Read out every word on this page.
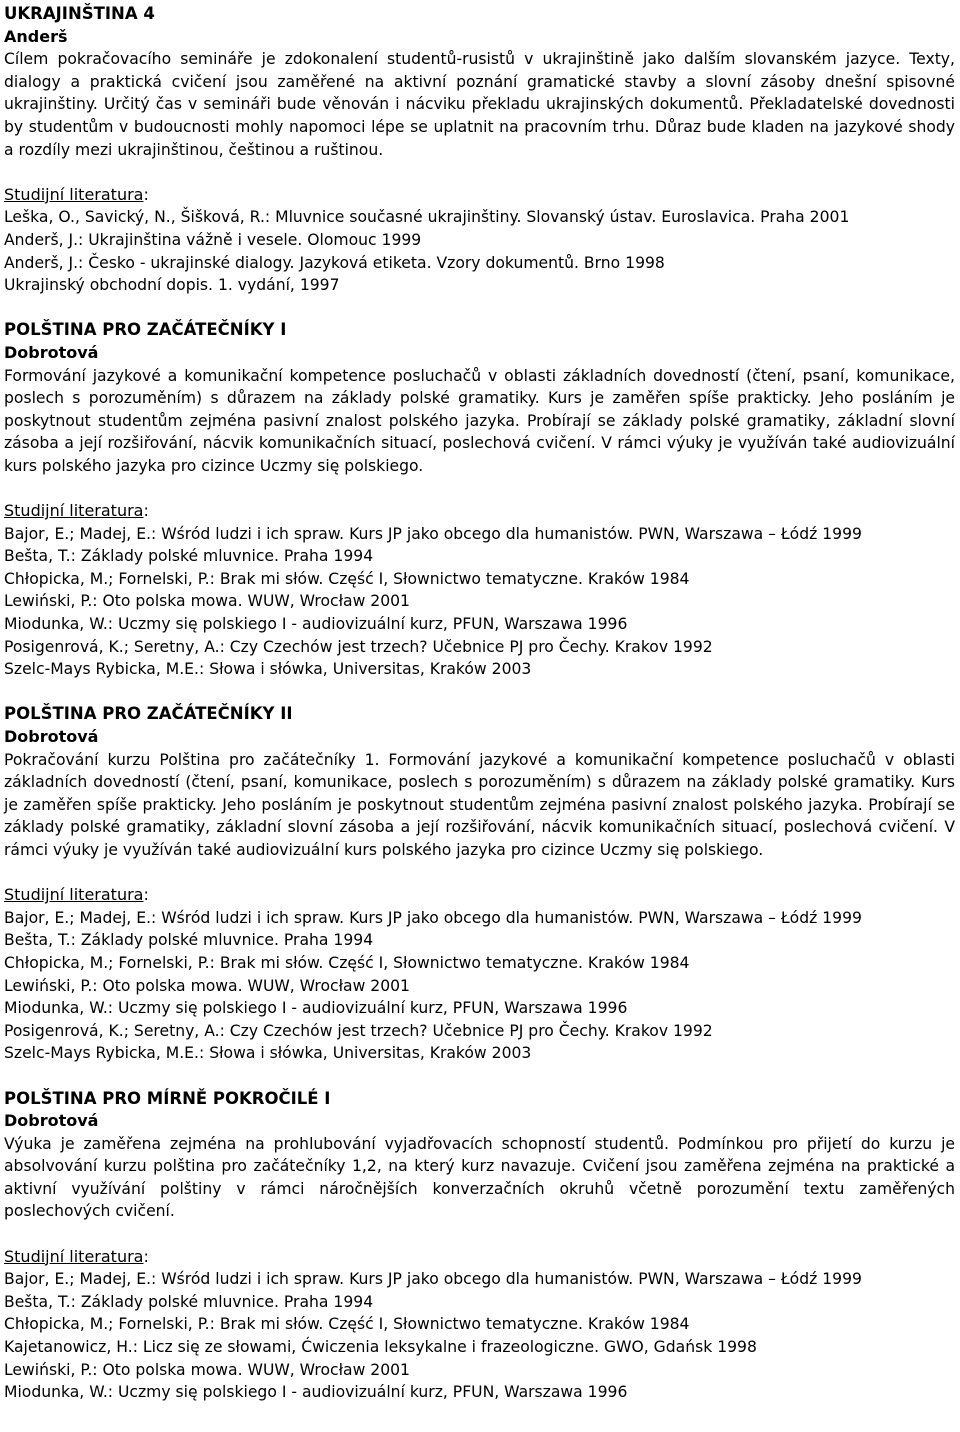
UKRAJINŠTINA 4
Anderš
Cílem pokračovacího semináře je zdokonalení studentů-rusistů v ukrajinštině jako dalším slovanském jazyce. Texty, dialogy a praktická cvičení jsou zaměřené na aktivní poznání gramatické stavby a slovní zásoby dnešní spisovné ukrajinštiny. Určitý čas v semináři bude věnován i nácviku překladu ukrajinských dokumentů. Překladatelské dovednosti by studentům v budoucnosti mohly napomoci lépe se uplatnit na pracovním trhu. Důraz bude kladen na jazykové shody a rozdíly mezi ukrajinštinou, češtinou a ruštinou.
Studijní literatura:
Leška, O., Savický, N., Šišková, R.: Mluvnice současné ukrajinštiny. Slovanský ústav. Euroslavica. Praha 2001
Anderš, J.: Ukrajinština vážně i vesele. Olomouc 1999
Anderš, J.: Česko - ukrajinské dialogy. Jazyková etiketa. Vzory dokumentů. Brno 1998
Ukrajinský obchodní dopis. 1. vydání, 1997
POLŠTINA PRO ZAČÁTEČNÍKY I
Dobrotová
Formování jazykové a komunikační kompetence posluchačů v oblasti základních dovedností (čtení, psaní, komunikace, poslech s porozuměním) s důrazem na základy polské gramatiky. Kurs je zaměřen spíše prakticky. Jeho posláním je poskytnout studentům zejména pasivní znalost polského jazyka. Probírají se základy polské gramatiky, základní slovní zásoba a její rozšiřování, nácvik komunikačních situací, poslechová cvičení. V rámci výuky je využíván také audiovizuální kurs polského jazyka pro cizince Uczmy się polskiego.
Studijní literatura:
Bajor, E.; Madej, E.: Wśród ludzi i ich spraw. Kurs JP jako obcego dla humanistów. PWN, Warszawa – Łódź 1999
Bešta, T.: Základy polské mluvnice. Praha 1994
Chłopicka, M.; Fornelski, P.: Brak mi słów. Część I, Słownictwo tematyczne. Kraków 1984
Lewiński, P.: Oto polska mowa. WUW, Wrocław 2001
Miodunka, W.: Uczmy się polskiego I - audiovizuální kurz, PFUN, Warszawa 1996
Posigenrová, K.; Seretny, A.: Czy Czechów jest trzech? Učebnice PJ pro Čechy. Krakov 1992
Szelc-Mays Rybicka, M.E.: Słowa i słówka, Universitas, Kraków 2003
POLŠTINA PRO ZAČÁTEČNÍKY II
Dobrotová
Pokračování kurzu Polština pro začátečníky 1. Formování jazykové a komunikační kompetence posluchačů v oblasti základních dovedností (čtení, psaní, komunikace, poslech s porozuměním) s důrazem na základy polské gramatiky. Kurs je zaměřen spíše prakticky. Jeho posláním je poskytnout studentům zejména pasivní znalost polského jazyka. Probírají se základy polské gramatiky, základní slovní zásoba a její rozšiřování, nácvik komunikačních situací, poslechová cvičení. V rámci výuky je využíván také audiovizuální kurs polského jazyka pro cizince Uczmy się polskiego.
Studijní literatura:
Bajor, E.; Madej, E.: Wśród ludzi i ich spraw. Kurs JP jako obcego dla humanistów. PWN, Warszawa – Łódź 1999
Bešta, T.: Základy polské mluvnice. Praha 1994
Chłopicka, M.; Fornelski, P.: Brak mi słów. Część I, Słownictwo tematyczne. Kraków 1984
Lewiński, P.: Oto polska mowa. WUW, Wrocław 2001
Miodunka, W.: Uczmy się polskiego I - audiovizuální kurz, PFUN, Warszawa 1996
Posigenrová, K.; Seretny, A.: Czy Czechów jest trzech? Učebnice PJ pro Čechy. Krakov 1992
Szelc-Mays Rybicka, M.E.: Słowa i słówka, Universitas, Kraków 2003
POLŠTINA PRO MÍRNĚ POKROČILÉ I
Dobrotová
Výuka je zaměřena zejména na prohlubování vyjadřovacích schopností studentů. Podmínkou pro přijetí do kurzu je absolvování kurzu polština pro začátečníky 1,2, na který kurz navazuje. Cvičení jsou zaměřena zejména na praktické a aktivní využívání polštiny v rámci náročnějších konverzačních okruhů včetně porozumění textu zaměřených poslechových cvičení.
Studijní literatura:
Bajor, E.; Madej, E.: Wśród ludzi i ich spraw. Kurs JP jako obcego dla humanistów. PWN, Warszawa – Łódź 1999
Bešta, T.: Základy polské mluvnice. Praha 1994
Chłopicka, M.; Fornelski, P.: Brak mi słów. Część I, Słownictwo tematyczne. Kraków 1984
Kajetanowicz, H.: Licz się ze słowami, Ćwiczenia leksykalne i frazeologiczne. GWO, Gdańsk 1998
Lewiński, P.: Oto polska mowa. WUW, Wrocław 2001
Miodunka, W.: Uczmy się polskiego I - audiovizuální kurz, PFUN, Warszawa 1996
